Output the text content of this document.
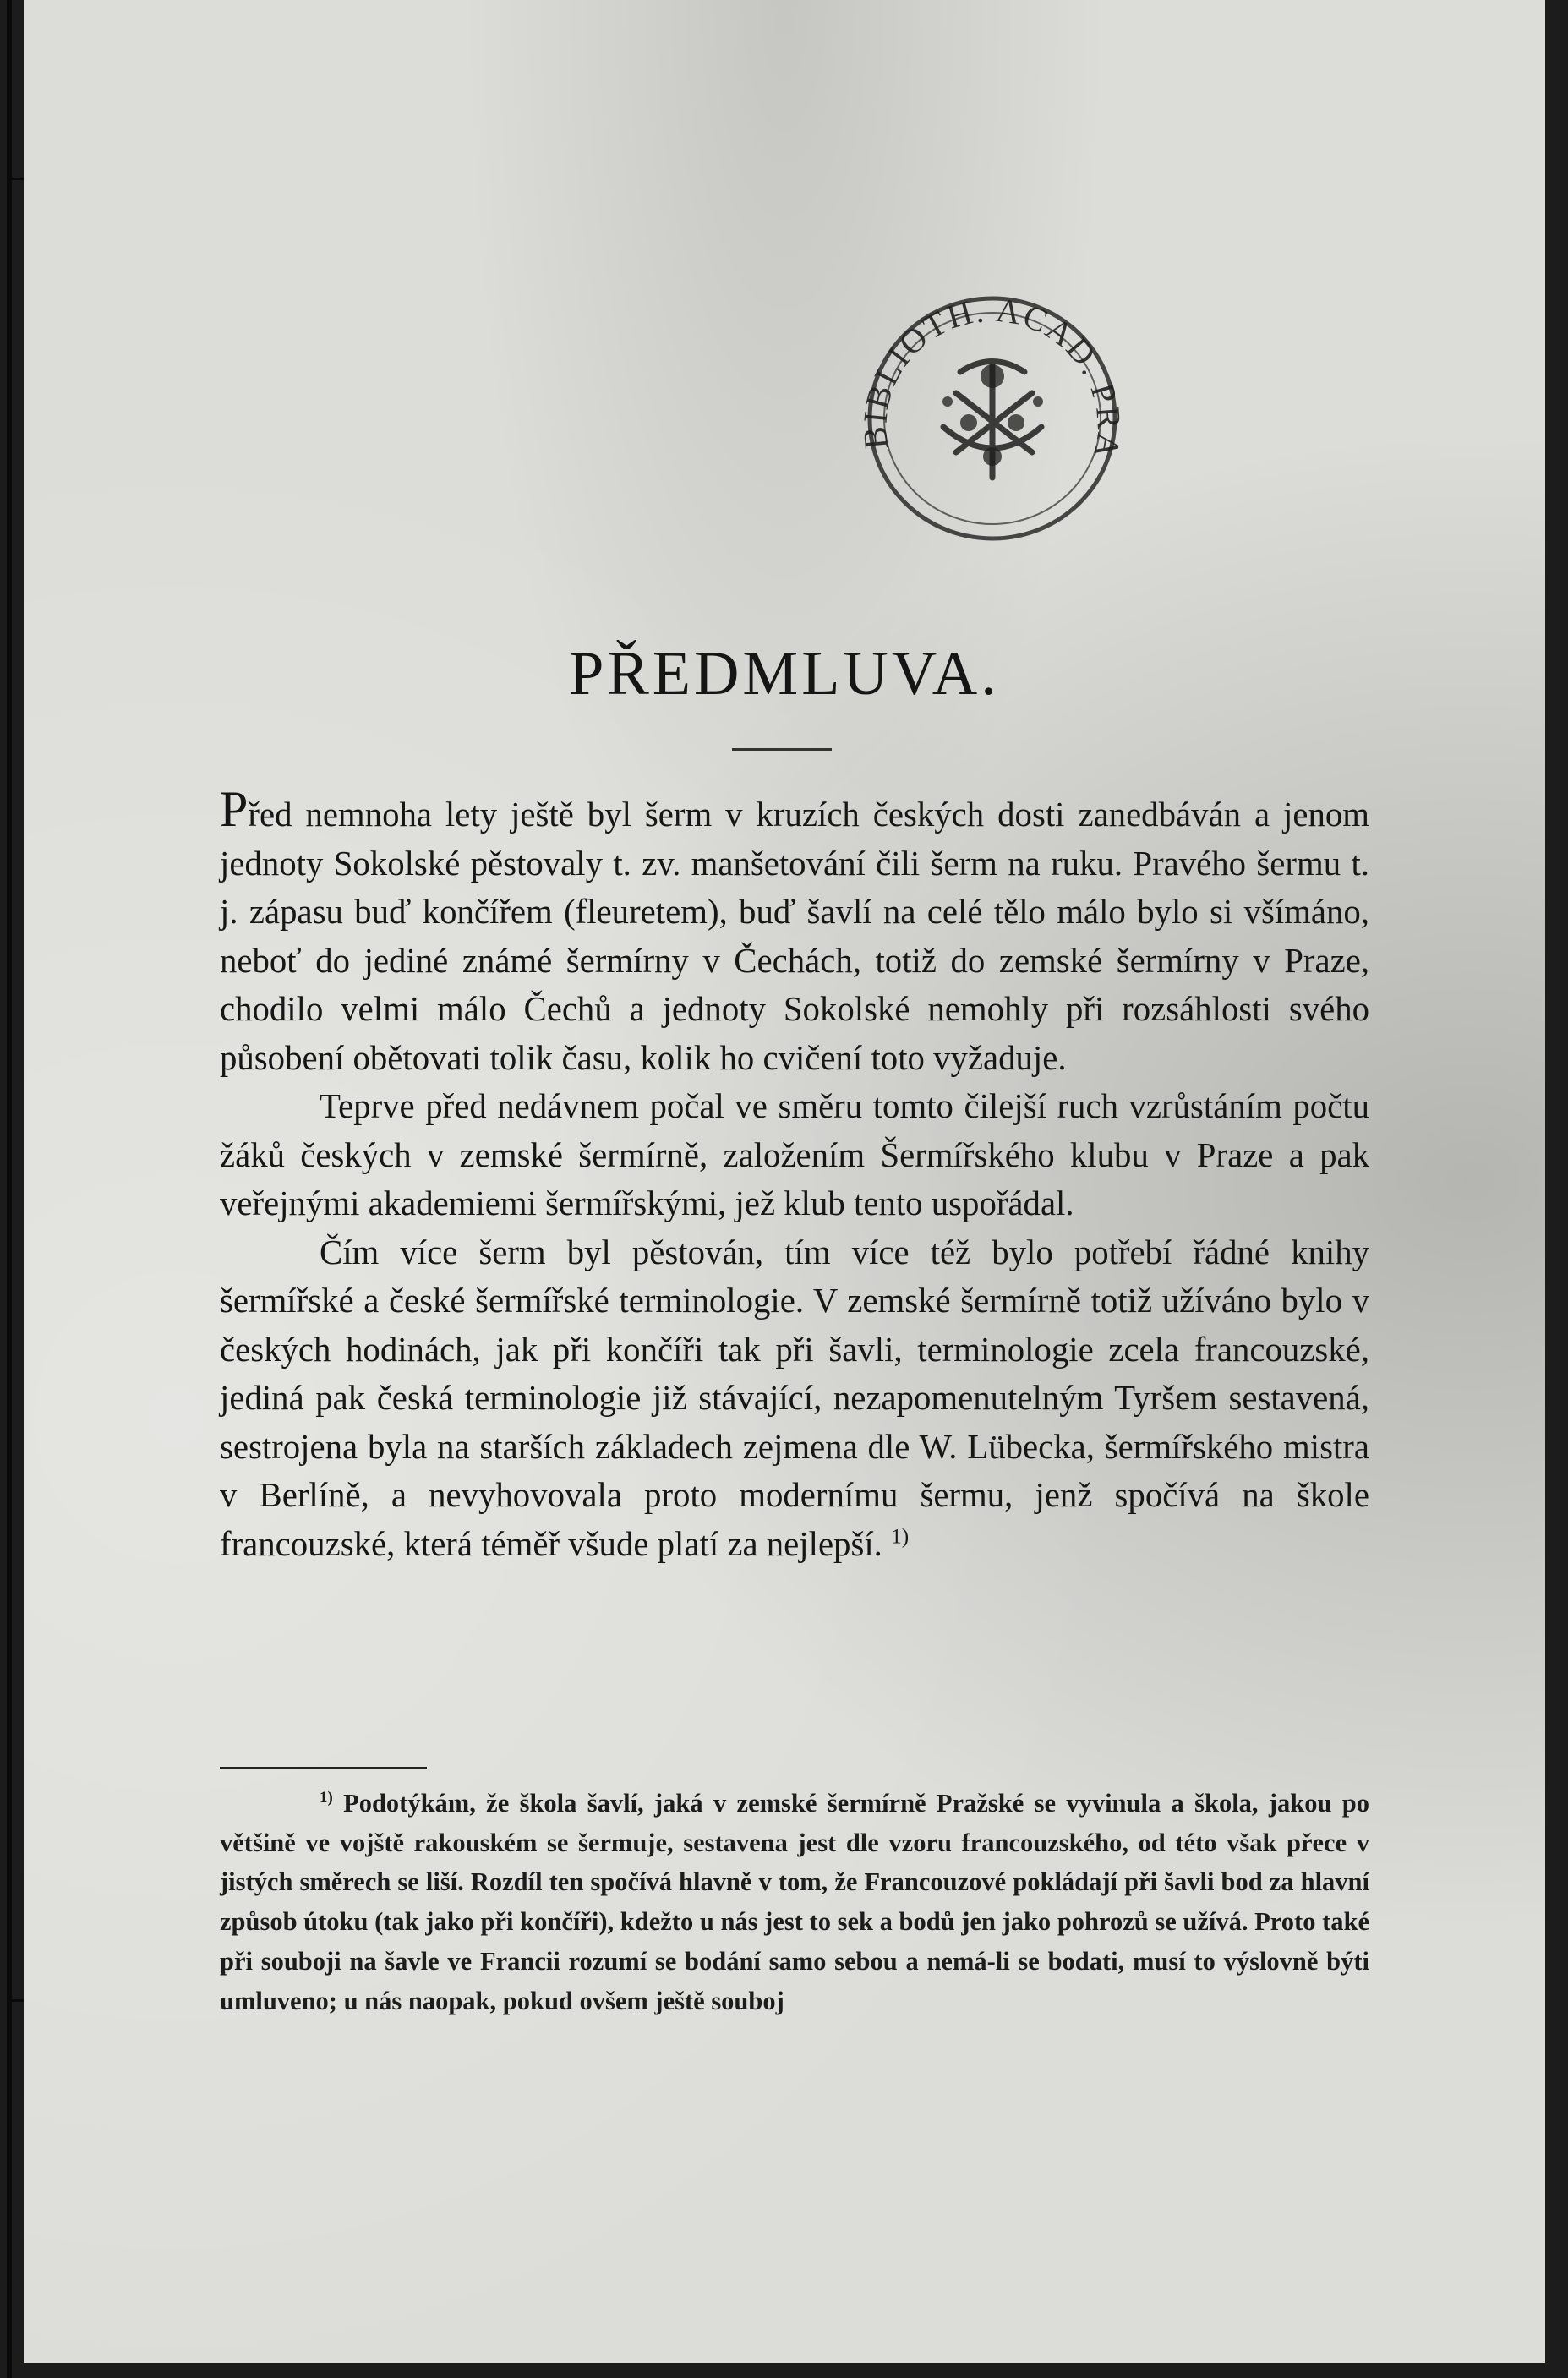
BIBLIOTH. ACAD. PRA
PŘEDMLUVA.

Před nemnoha lety ještě byl šerm v kruzích českých dosti zanedbáván a jenom jednoty Sokolské pěstovaly t. zv. manšetování čili šerm na ruku. Pravého šermu t. j. zápasu buď končířem (fleuretem), buď šavlí na celé tělo málo bylo si všímáno, neboť do jediné známé šermírny v Čechách, totiž do zemské šermírny v Praze, chodilo velmi málo Čechů a jednoty Sokolské nemohly při rozsáhlosti svého působení obětovati tolik času, kolik ho cvičení toto vyžaduje.

Teprve před nedávnem počal ve směru tomto čilejší ruch vzrůstáním počtu žáků českých v zemské šermírně, založením Šermířského klubu v Praze a pak veřejnými akademiemi šermířskými, jež klub tento uspořádal.

Čím více šerm byl pěstován, tím více též bylo potřebí řádné knihy šermířské a české šermířské terminologie. V zemské šermírně totiž užíváno bylo v českých hodinách, jak při končíři tak při šavli, terminologie zcela francouzské, jediná pak česká terminologie již stávající, nezapomenutelným Tyršem sestavená, sestrojena byla na starších základech zejmena dle W. Lübecka, šermířského mistra v Berlíně, a nevyhovovala proto modernímu šermu, jenž spočívá na škole francouzské, která téměř všude platí za nejlepší. $^{1)}$

$^{1)}$ Podotýkám, že škola šavlí, jaká v zemské šermírně Pražské se vyvinula a škola, jakou po většině ve vojště rakouském se šermuje, sestavena jest dle vzoru francouzského, od této však přece v jistých směrech se liší. Rozdíl ten spočívá hlavně v tom, že Francouzové pokládají při šavli bod za hlavní způsob útoku (tak jako při končíři), kdežto u nás jest to sek a bodů jen jako pohrozů se užívá. Proto také při souboji na šavle ve Francii rozumí se bodání samo sebou a nemá-li se bodati, musí to výslovně býti umluveno; u nás naopak, pokud ovšem ještě souboj
